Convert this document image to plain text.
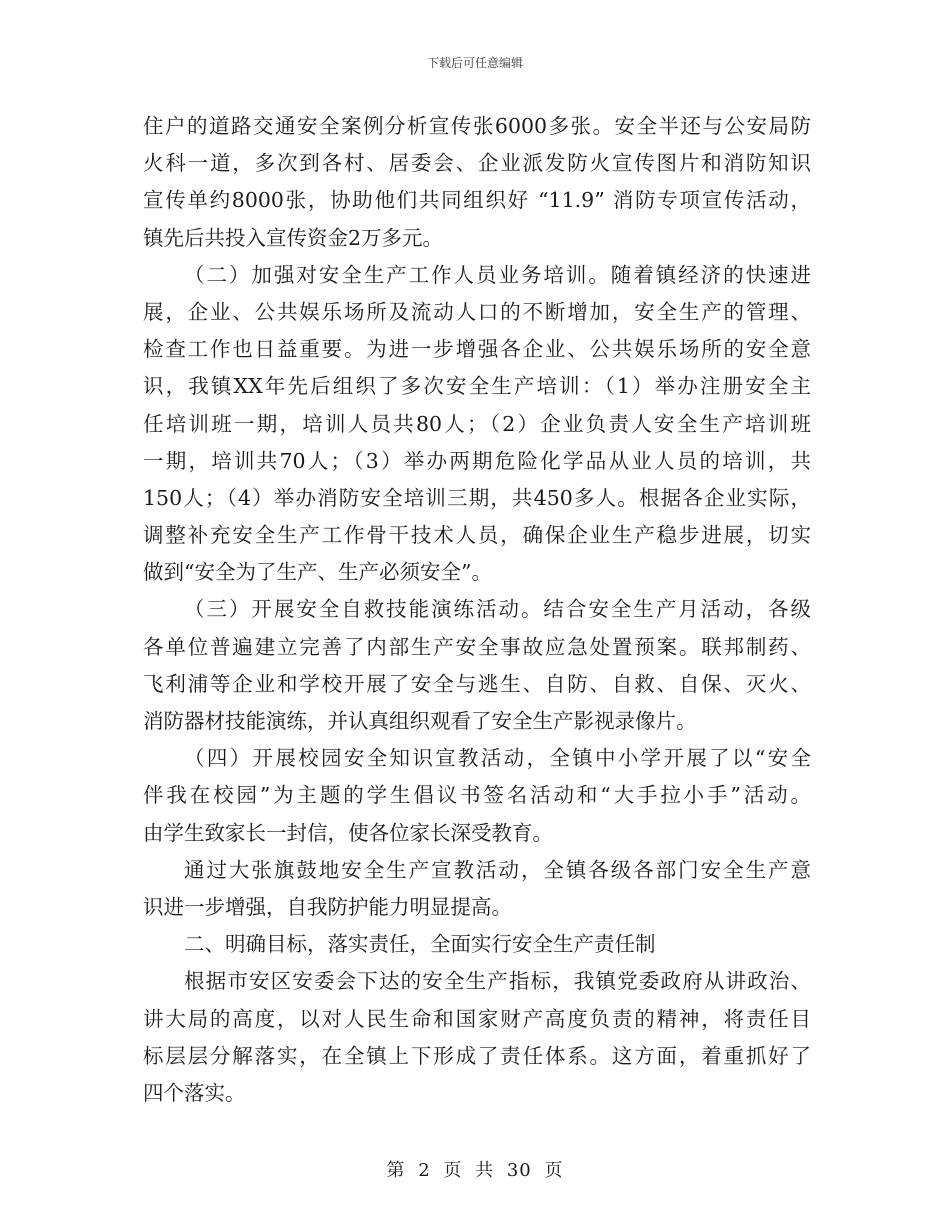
下载后可任意编辑
住户的道路交通安全案例分析宣传张6000多张。安全半还与公安局防
火科一道，多次到各村、居委会、企业派发防火宣传图片和消防知识
宣传单约8000张，协助他们共同组织好 “11.9” 消防专项宣传活动，
镇先后共投入宣传资金2万多元。
（二）加强对安全生产工作人员业务培训。随着镇经济的快速进
展，企业、公共娱乐场所及流动人口的不断增加，安全生产的管理、
检查工作也日益重要。为进一步增强各企业、公共娱乐场所的安全意
识，我镇XX年先后组织了多次安全生产培训：（1）举办注册安全主
任培训班一期，培训人员共80人；（2）企业负责人安全生产培训班
一期，培训共70人；（3）举办两期危险化学品从业人员的培训，共
150人；（4）举办消防安全培训三期，共450多人。根据各企业实际，
调整补充安全生产工作骨干技术人员，确保企业生产稳步进展，切实
做到“安全为了生产、生产必须安全”。
（三）开展安全自救技能演练活动。结合安全生产月活动，各级
各单位普遍建立完善了内部生产安全事故应急处置预案。联邦制药、
飞利浦等企业和学校开展了安全与逃生、自防、自救、自保、灭火、
消防器材技能演练，并认真组织观看了安全生产影视录像片。
（四）开展校园安全知识宣教活动，全镇中小学开展了以“安全
伴我在校园”为主题的学生倡议书签名活动和“大手拉小手”活动。
由学生致家长一封信，使各位家长深受教育。
通过大张旗鼓地安全生产宣教活动，全镇各级各部门安全生产意
识进一步增强，自我防护能力明显提高。
二、明确目标，落实责任，全面实行安全生产责任制
根据市安区安委会下达的安全生产指标，我镇党委政府从讲政治、
讲大局的高度，以对人民生命和国家财产高度负责的精神，将责任目
标层层分解落实，在全镇上下形成了责任体系。这方面，着重抓好了
四个落实。
第 2 页 共 30 页
